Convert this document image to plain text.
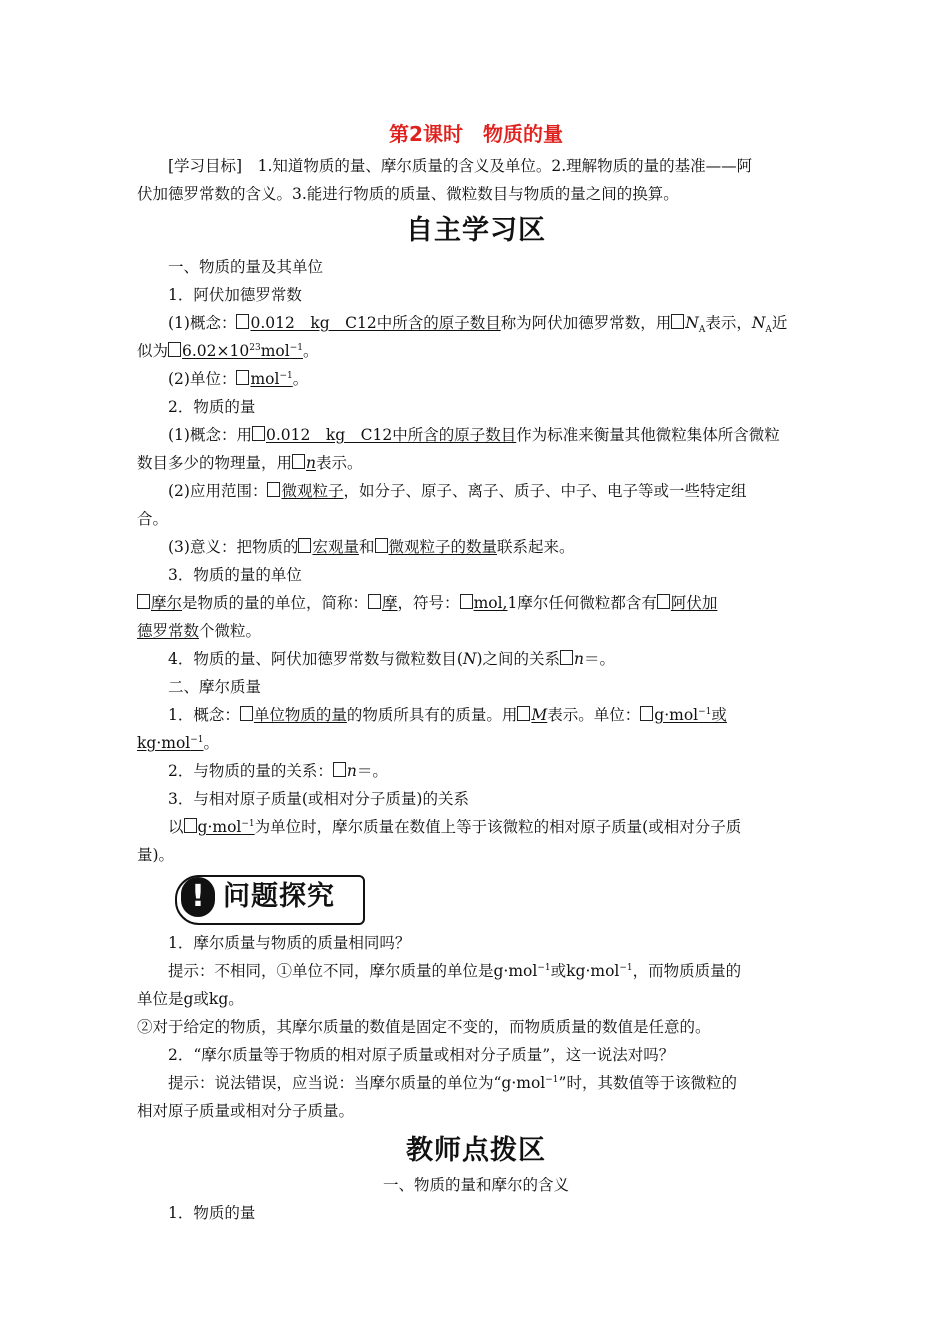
第2课时　物质的量
[学习目标]　1.知道物质的量、摩尔质量的含义及单位。2.理解物质的量的基准——阿
伏加德罗常数的含义。3.能进行物质的质量、微粒数目与物质的量之间的换算。
自主学习区
一、物质的量及其单位
1．阿伏加德罗常数
(1)概念： 0.012　kg　C12中所含的原子数目称为阿伏加德罗常数，用 $N_A$表示，$N_A$近
似为 $6.02\times 10^{23}mol^{-1}$。
(2)单位： mol$^{-1}$。
2．物质的量
(1)概念：用 0.012　kg　C12中所含的原子数目作为标准来衡量其他微粒集体所含微粒
数目多少的物理量，用 n表示。
(2)应用范围： 微观粒子，如分子、原子、离子、质子、中子、电子等或一些特定组
合。
(3)意义：把物质的 宏观量和 微观粒子的数量联系起来。
3．物质的量的单位
摩尔是物质的量的单位，简称： 摩，符号： mol,1摩尔任何微粒都含有 阿伏加
德罗常数个微粒。
4．物质的量、阿伏加德罗常数与微粒数目(N)之间的关系 n＝。
二、摩尔质量
1．概念： 单位物质的量的物质所具有的质量。用 M表示。单位： g·mol$^{-1}$或
kg·mol$^{-1}$。
2．与物质的量的关系： n＝。
3．与相对原子质量(或相对分子质量)的关系
以 g·mol$^{-1}$为单位时，摩尔质量在数值上等于该微粒的相对原子质量(或相对分子质
量)。
! 问题探究
1．摩尔质量与物质的质量相同吗？
提示：不相同，①单位不同，摩尔质量的单位是g·mol$^{-1}$或kg·mol$^{-1}$，而物质质量的
单位是g或kg。
②对于给定的物质，其摩尔质量的数值是固定不变的，而物质质量的数值是任意的。
2．“摩尔质量等于物质的相对原子质量或相对分子质量”，这一说法对吗？
提示：说法错误，应当说：当摩尔质量的单位为“g·mol$^{-1}$”时，其数值等于该微粒的
相对原子质量或相对分子质量。
教师点拨区
一、物质的量和摩尔的含义
1．物质的量
